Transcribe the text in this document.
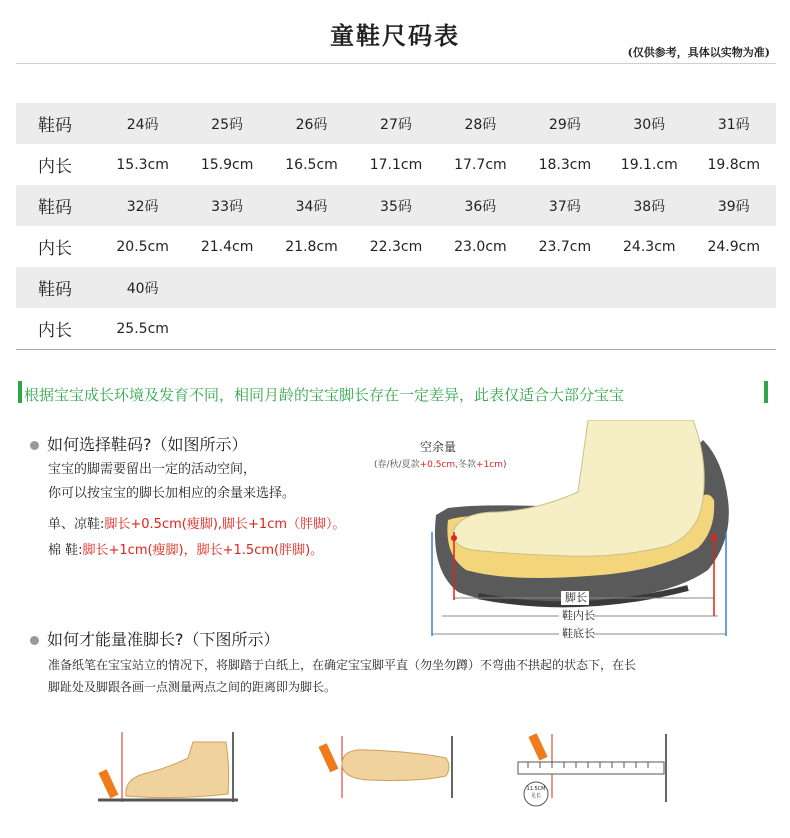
童鞋尺码表
(仅供参考，具体以实物为准)
鞋码	24码	25码	26码	27码	28码	29码	30码	31码
内长	15.3cm	15.9cm	16.5cm	17.1cm	17.7cm	18.3cm	19.1.cm	19.8cm
鞋码	32码	33码	34码	35码	36码	37码	38码	39码
内长	20.5cm	21.4cm	21.8cm	22.3cm	23.0cm	23.7cm	24.3cm	24.9cm
鞋码	40码							
内长	25.5cm							
根据宝宝成长环境及发育不同，相同月龄的宝宝脚长存在一定差异，此表仅适合大部分宝宝
如何选择鞋码?（如图所示）
宝宝的脚需要留出一定的活动空间，
你可以按宝宝的脚长加相应的余量来选择。
单、凉鞋:脚长+0.5cm(瘦脚),脚长+1cm（胖脚）。
棉 鞋:脚长+1cm(瘦脚)，脚长+1.5cm(胖脚)。
空余量
(春/秋/夏款+0.5cm,冬款+1cm)
脚长
鞋内长
鞋底长
如何才能量准脚长?（下图所示）
准备纸笔在宝宝站立的情况下，将脚踏于白纸上，在确定宝宝脚平直（勿坐勿蹲）不弯曲不拱起的状态下，在长
脚趾处及脚跟各画一点测量两点之间的距离即为脚长。
11.5CM
足长
